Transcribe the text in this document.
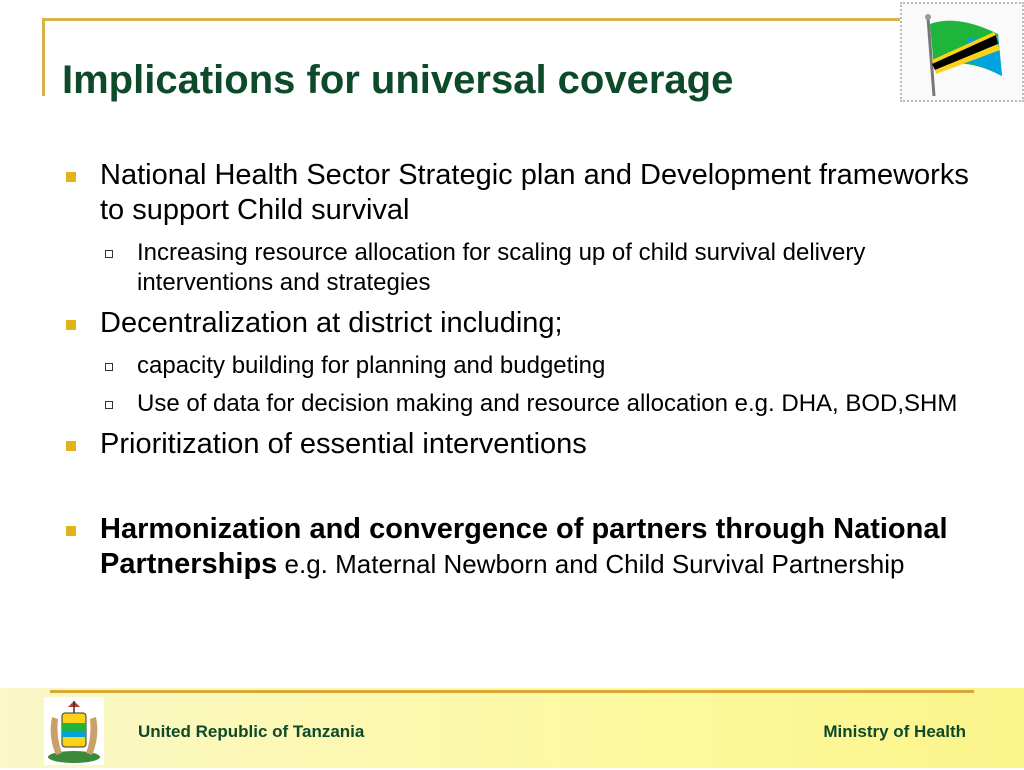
Implications for universal coverage
National Health Sector Strategic plan and Development frameworks to support Child survival
Increasing resource allocation for scaling up of child survival delivery interventions and strategies
Decentralization at district including;
capacity building for planning and budgeting
Use of data for decision making and resource allocation e.g. DHA, BOD,SHM
Prioritization of essential interventions
Harmonization and convergence of partners through National Partnerships e.g. Maternal Newborn and Child Survival Partnership
United Republic of Tanzania	Ministry of Health
